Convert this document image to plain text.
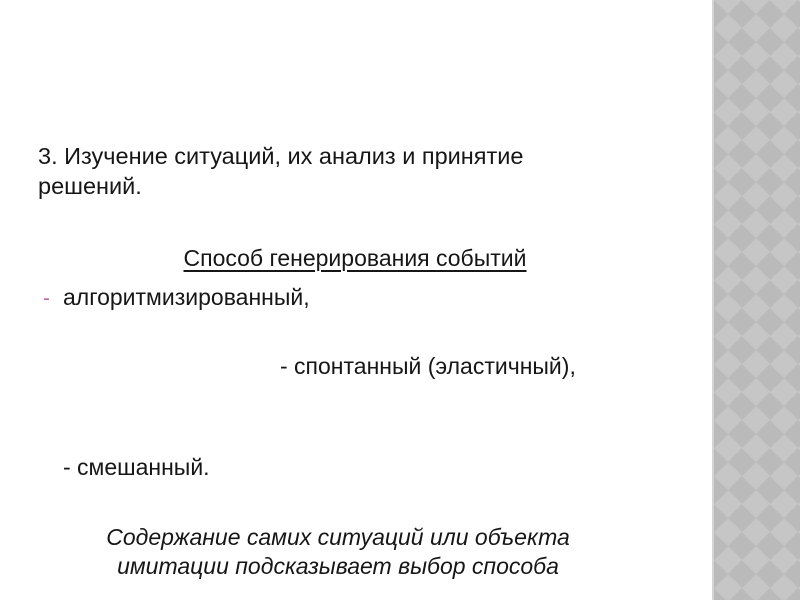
3. Изучение ситуаций, их анализ и принятие
решений.
Способ генерирования событий
- алгоритмизированный,
- спонтанный (эластичный),
- смешанный.
Содержание самих ситуаций или объекта
имитации подсказывает выбор способа
